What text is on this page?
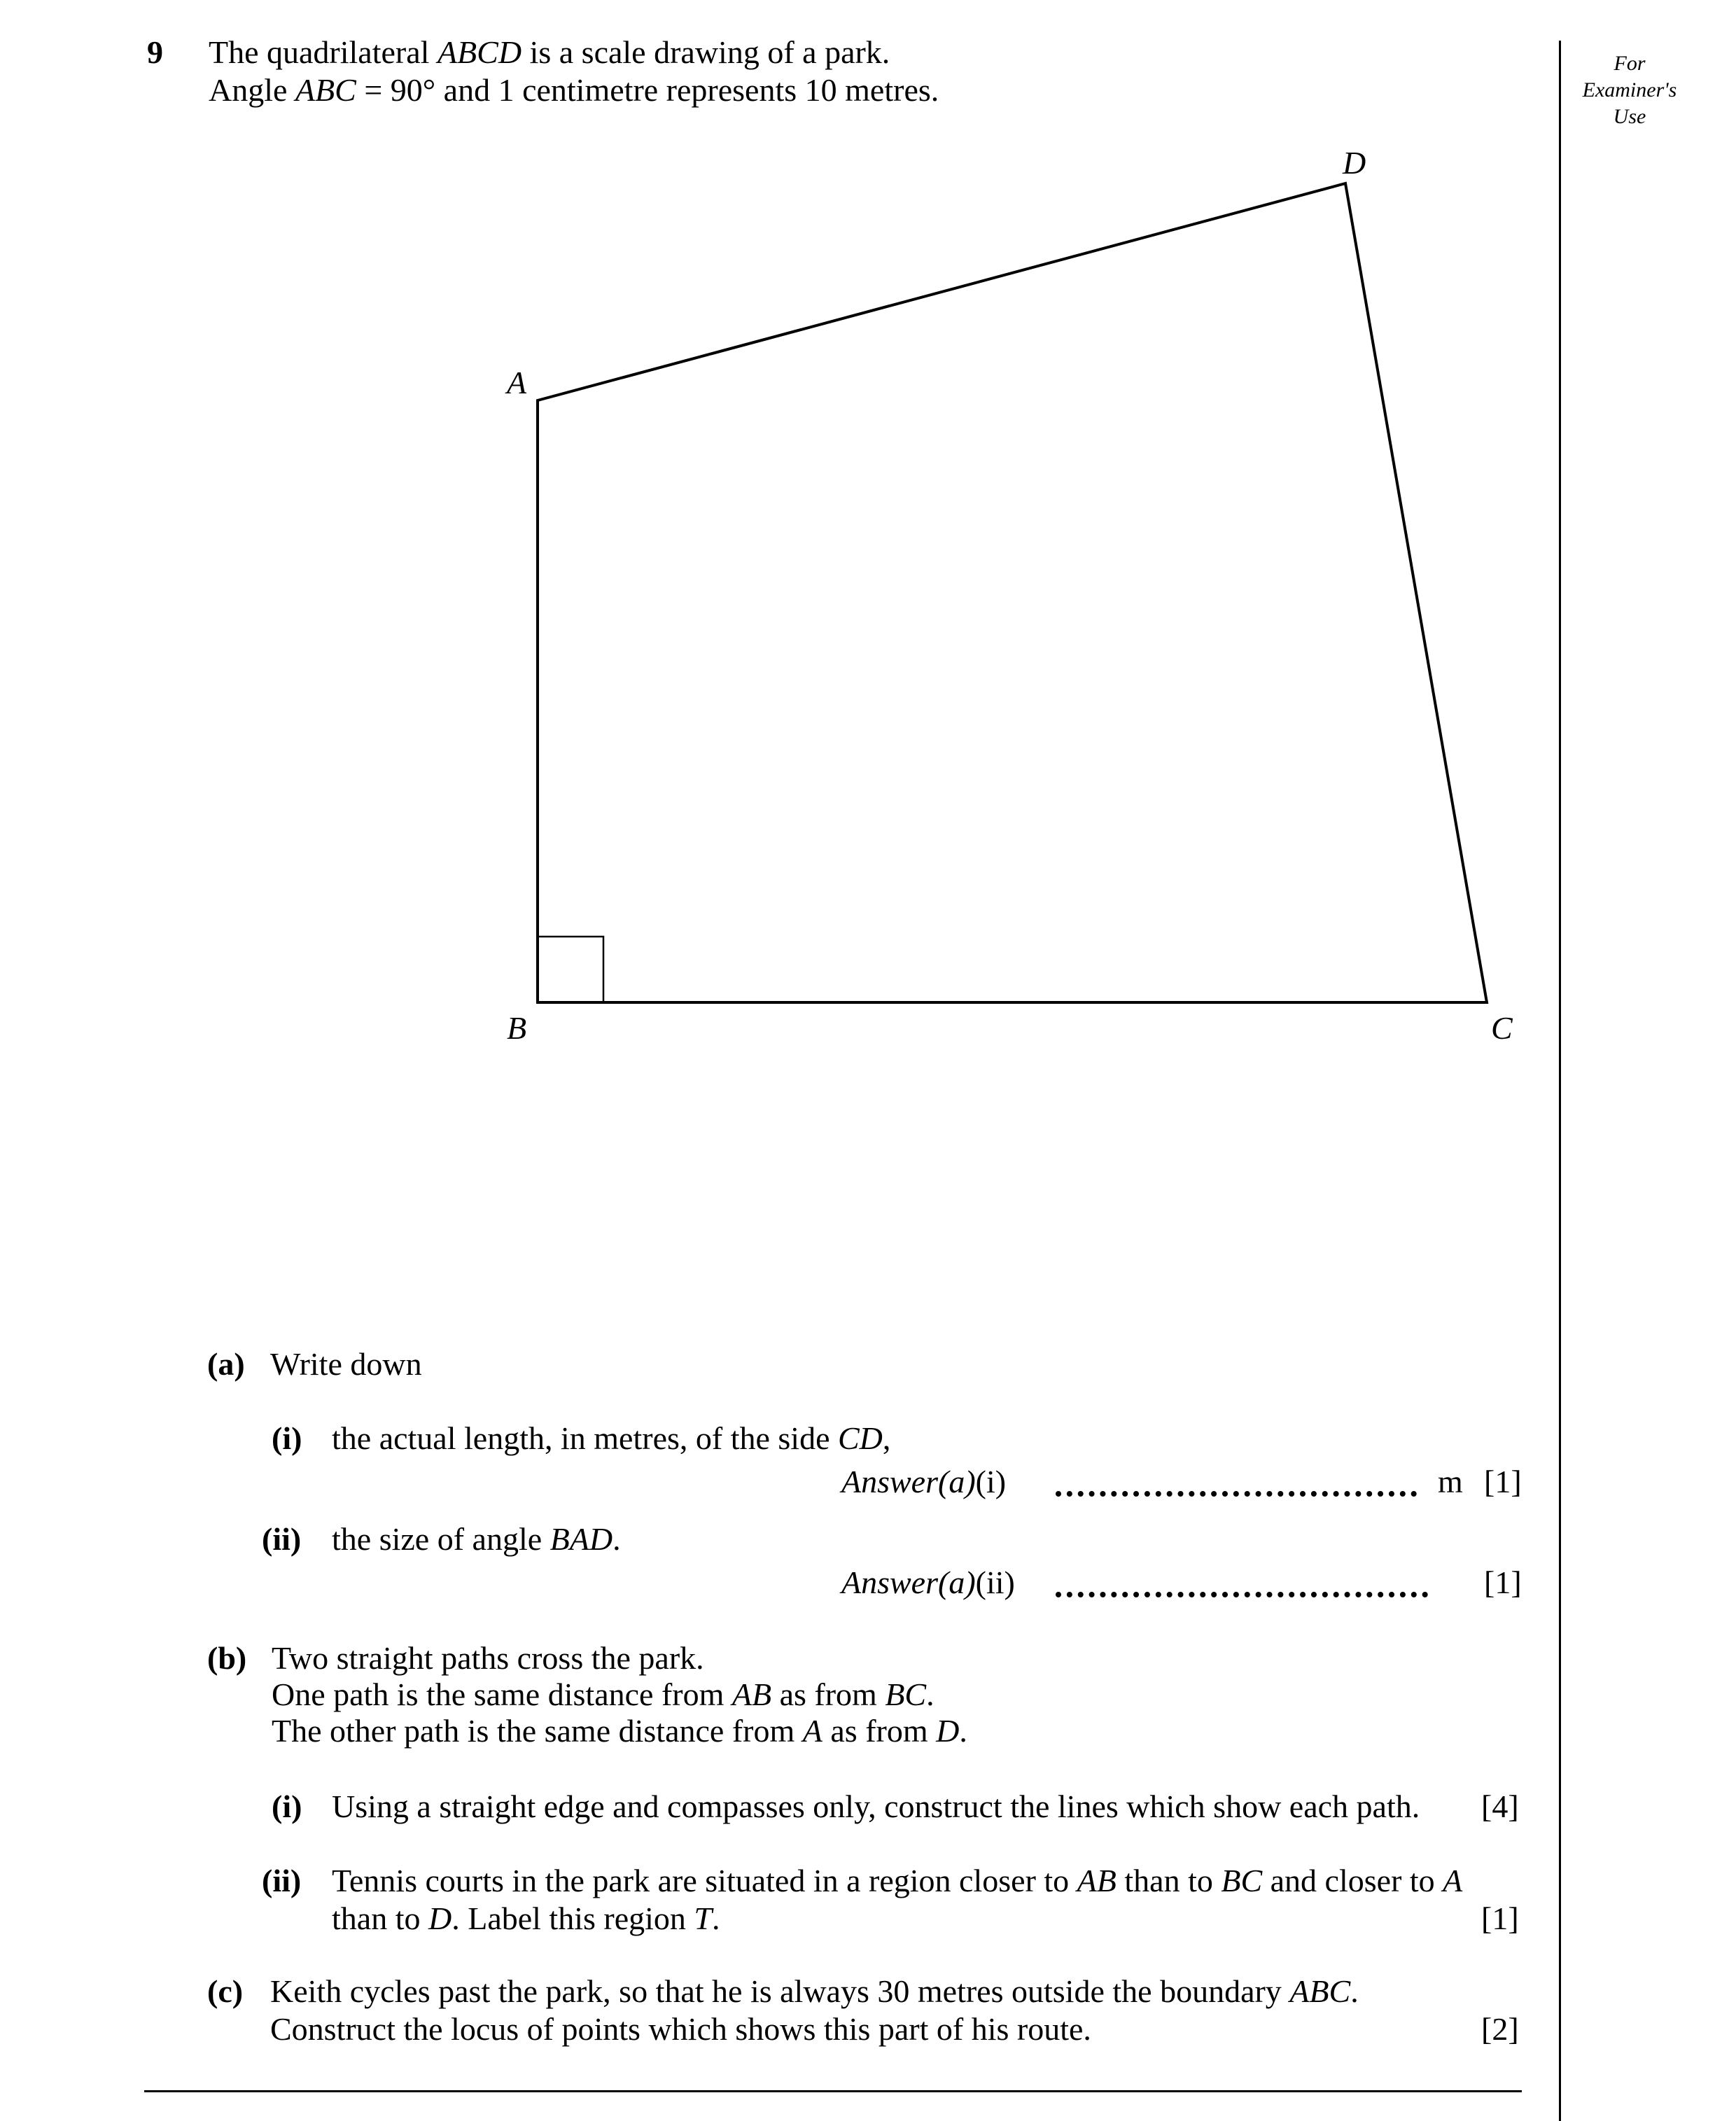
9 The quadrilateral ABCD is a scale drawing of a park.
Angle ABC = 90° and 1 centimetre represents 10 metres.
For
Examiner's
Use
A
D
B	C
(a) Write down
(i) the actual length, in metres, of the side CD,
Answer(a)(i)	m [1]
(ii) the size of angle BAD.
Answer(a)(ii)	[1]
(b) Two straight paths cross the park.
One path is the same distance from AB as from BC.
The other path is the same distance from A as from D.
(i) Using a straight edge and compasses only, construct the lines which show each path. [4]
(ii) Tennis courts in the park are situated in a region closer to AB than to BC and closer to A
than to D. Label this region T.	[1]
(c) Keith cycles past the park, so that he is always 30 metres outside the boundary ABC.
Construct the locus of points which shows this part of his route.	[2]
